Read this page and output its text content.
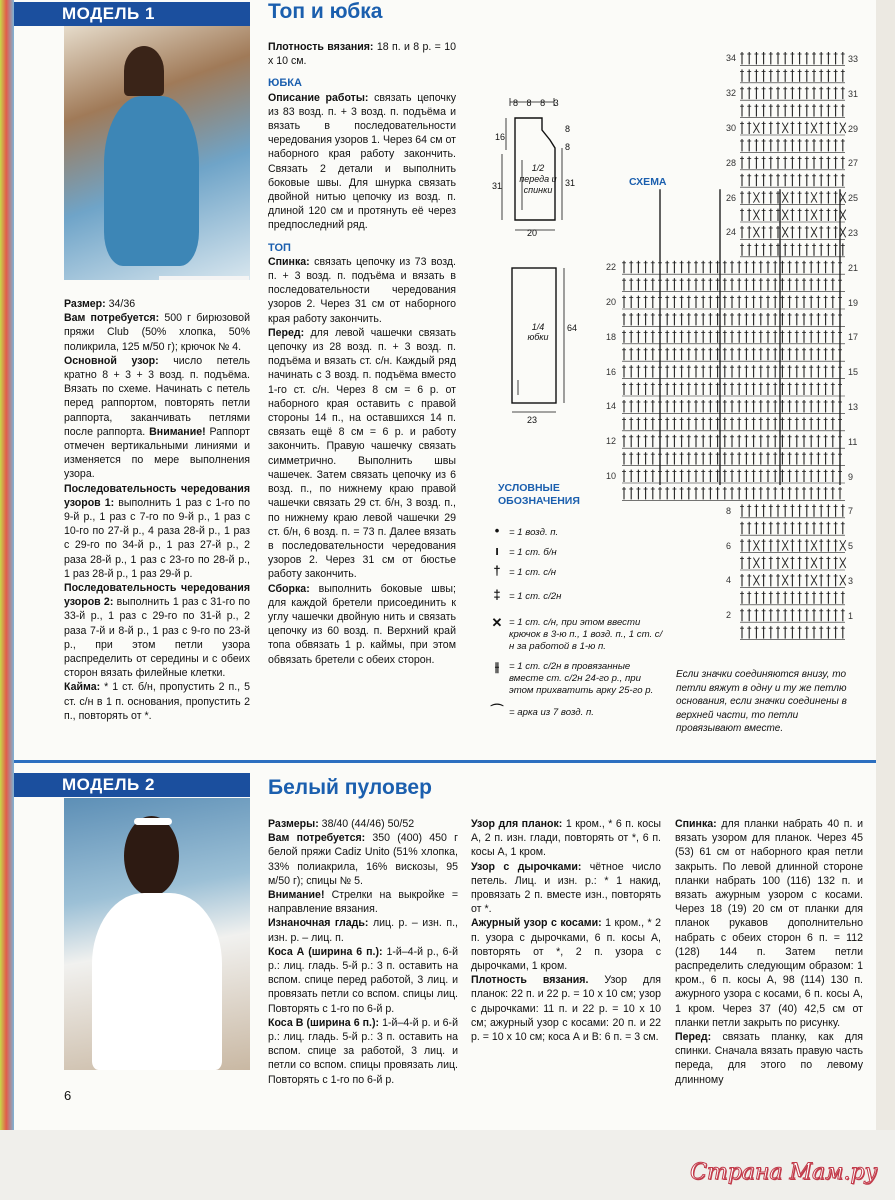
МОДЕЛЬ 1	Топ и юбка

Размер: 34/36

Вам потребуется: 500 г бирюзовой пряжи Club (50% хлопка, 50% поликрила, 125 м/50 г); крючок № 4.

Основной узор: число петель кратно 8 + 3 + 3 возд. п. подъёма. Вязать по схеме. Начинать с петель перед раппортом, повторять петли раппорта, заканчивать петлями после раппорта. Внимание! Раппорт отмечен вертикальными линиями и изменяется по мере выполнения узора.

Последовательность чередования узоров 1: выполнить 1 раз с 1-го по 9-й р., 1 раз с 7-го по 9-й р., 1 раз с 10-го по 27-й р., 4 раза 28-й р., 1 раз с 29-го по 34-й р., 1 раз 27-й р., 2 раза 28-й р., 1 раз с 23-го по 28-й р., 1 раз 28-й р., 1 раз 29-й р.

Последовательность чередования узоров 2: выполнить 1 раз с 31-го по 33-й р., 1 раз с 29-го по 31-й р., 2 раза 7-й и 8-й р., 1 раз с 9-го по 23-й р., при этом петли узора распределить от середины и с обеих сторон вязать филейные клетки.

Кайма: * 1 ст. б/н, пропустить 2 п., 5 ст. с/н в 1 п. основания, пропустить 2 п., повторять от *.

Плотность вязания: 18 п. и 8 р. = 10 х 10 см.

ЮБКА

Описание работы: связать цепочку из 83 возд. п. + 3 возд. п. подъёма и вязать в последовательности чередования узоров 1. Через 64 см от наборного края работу закончить. Связать 2 детали и выполнить боковые швы. Для шнурка связать двойной нитью цепочку из возд. п. длиной 120 см и протянуть её через предпоследний ряд.

ТОП

Спинка: связать цепочку из 73 возд. п. + 3 возд. п. подъёма и вязать в последовательности чередования узоров 2. Через 31 см от наборного края работу закончить.

Перед: для левой чашечки связать цепочку из 28 возд. п. + 3 возд. п. подъёма и вязать ст. с/н. Каждый ряд начинать с 3 возд. п. подъёма вместо 1-го ст. с/н. Через 8 см = 6 р. от наборного края оставить с правой стороны 14 п., на оставшихся 14 п. связать ещё 8 см = 6 р. и работу закончить. Правую чашечку связать симметрично. Выполнить швы чашечек. Затем связать цепочку из 6 возд. п., по нижнему краю правой чашечки связать 29 ст. б/н, 3 возд. п., по нижнему краю левой чашечки 29 ст. б/н, 6 возд. п. = 73 п. Далее вязать в последовательности чередования узоров 2. Через 31 см от бюстье работу закончить.

Сборка: выполнить боковые швы; для каждой бретели присоединить к углу чашечки двойную нить и связать цепочку из 60 возд. п. Верхний край топа обвязать 1 р. каймы, при этом обвязать бретели с обеих сторон.

8 8 8 3
16
8
8
31	31
1/2 переда и спинки
20
1/4 юбки
64
23
УСЛОВНЫЕ ОБОЗНАЧЕНИЯ
• = 1 возд. п.
ı = 1 ст. б/н
† = 1 ст. с/н
‡ = 1 ст. с/2н
✕ = 1 ст. с/н, при этом ввести крючок в 3-ю п., 1 возд. п., 1 ст. с/н за работой в 1-ю п.
⫲	= 1 ст. с/2н в провязанные вместе ст. с/2н 24-го р., при этом прихватить арку 25-го р.
⌒ = арка из 7 возд. п.
СХЕМА
33
31
29
27
25
23
21
19
17
15
13
11
9
7
5
3
1
34
32
30
28
26
24
22
20
18
16
14
12
10
8
6
4
2
Если значки соединяются внизу, то петли вяжут в одну и ту же петлю основания, если значки соединены в верхней части, то петли провязывают вместе.
МОДЕЛЬ 2	Белый пуловер

Размеры: 38/40 (44/46) 50/52

Вам потребуется: 350 (400) 450 г белой пряжи Cadiz Unito (51% хлопка, 33% полиакрила, 16% вискозы, 95 м/50 г); спицы № 5.

Внимание! Стрелки на выкройке = направление вязания.

Изнаночная гладь: лиц. р. – изн. п., изн. р. – лиц. п.

Коса А (ширина 6 п.): 1-й–4-й р., 6-й р.: лиц. гладь. 5-й р.: 3 п. оставить на вспом. спице перед работой, 3 лиц. и провязать петли со вспом. спицы лиц. Повторять с 1-го по 6-й р.

Коса В (ширина 6 п.): 1-й–4-й р. и 6-й р.: лиц. гладь. 5-й р.: 3 п. оставить на вспом. спице за работой, 3 лиц. и петли со вспом. спицы провязать лиц. Повторять с 1-го по 6-й р.

Узор для планок: 1 кром., * 6 п. косы А, 2 п. изн. глади, повторять от *, 6 п. косы А, 1 кром.

Узор с дырочками: чётное число петель. Лиц. и изн. р.: * 1 накид, провязать 2 п. вместе изн., повторять от *.

Ажурный узор с косами: 1 кром., * 2 п. узора с дырочками, 6 п. косы А, повторять от *, 2 п. узора с дырочками, 1 кром.

Плотность вязания. Узор для планок: 22 п. и 22 р. = 10 х 10 см; узор с дырочками: 11 п. и 22 р. = 10 х 10 см; ажурный узор с косами: 20 п. и 22 р. = 10 х 10 см; коса А и В: 6 п. = 3 см.

Спинка: для планки набрать 40 п. и вязать узором для планок. Через 45 (53) 61 см от наборного края петли закрыть. По левой длинной стороне планки набрать 100 (116) 132 п. и вязать ажурным узором с косами. Через 18 (19) 20 см от планки для планок рукавов дополнительно набрать с обеих сторон 6 п. = 112 (128) 144 п. Затем петли распределить следующим образом: 1 кром., 6 п. косы А, 98 (114) 130 п. ажурного узора с косами, 6 п. косы А, 1 кром. Через 37 (40) 42,5 см от планки петли закрыть по рисунку.

Перед: связать планку, как для спинки. Сначала вязать правую часть переда, для этого по левому длинному

6
Страна Мам.ру
